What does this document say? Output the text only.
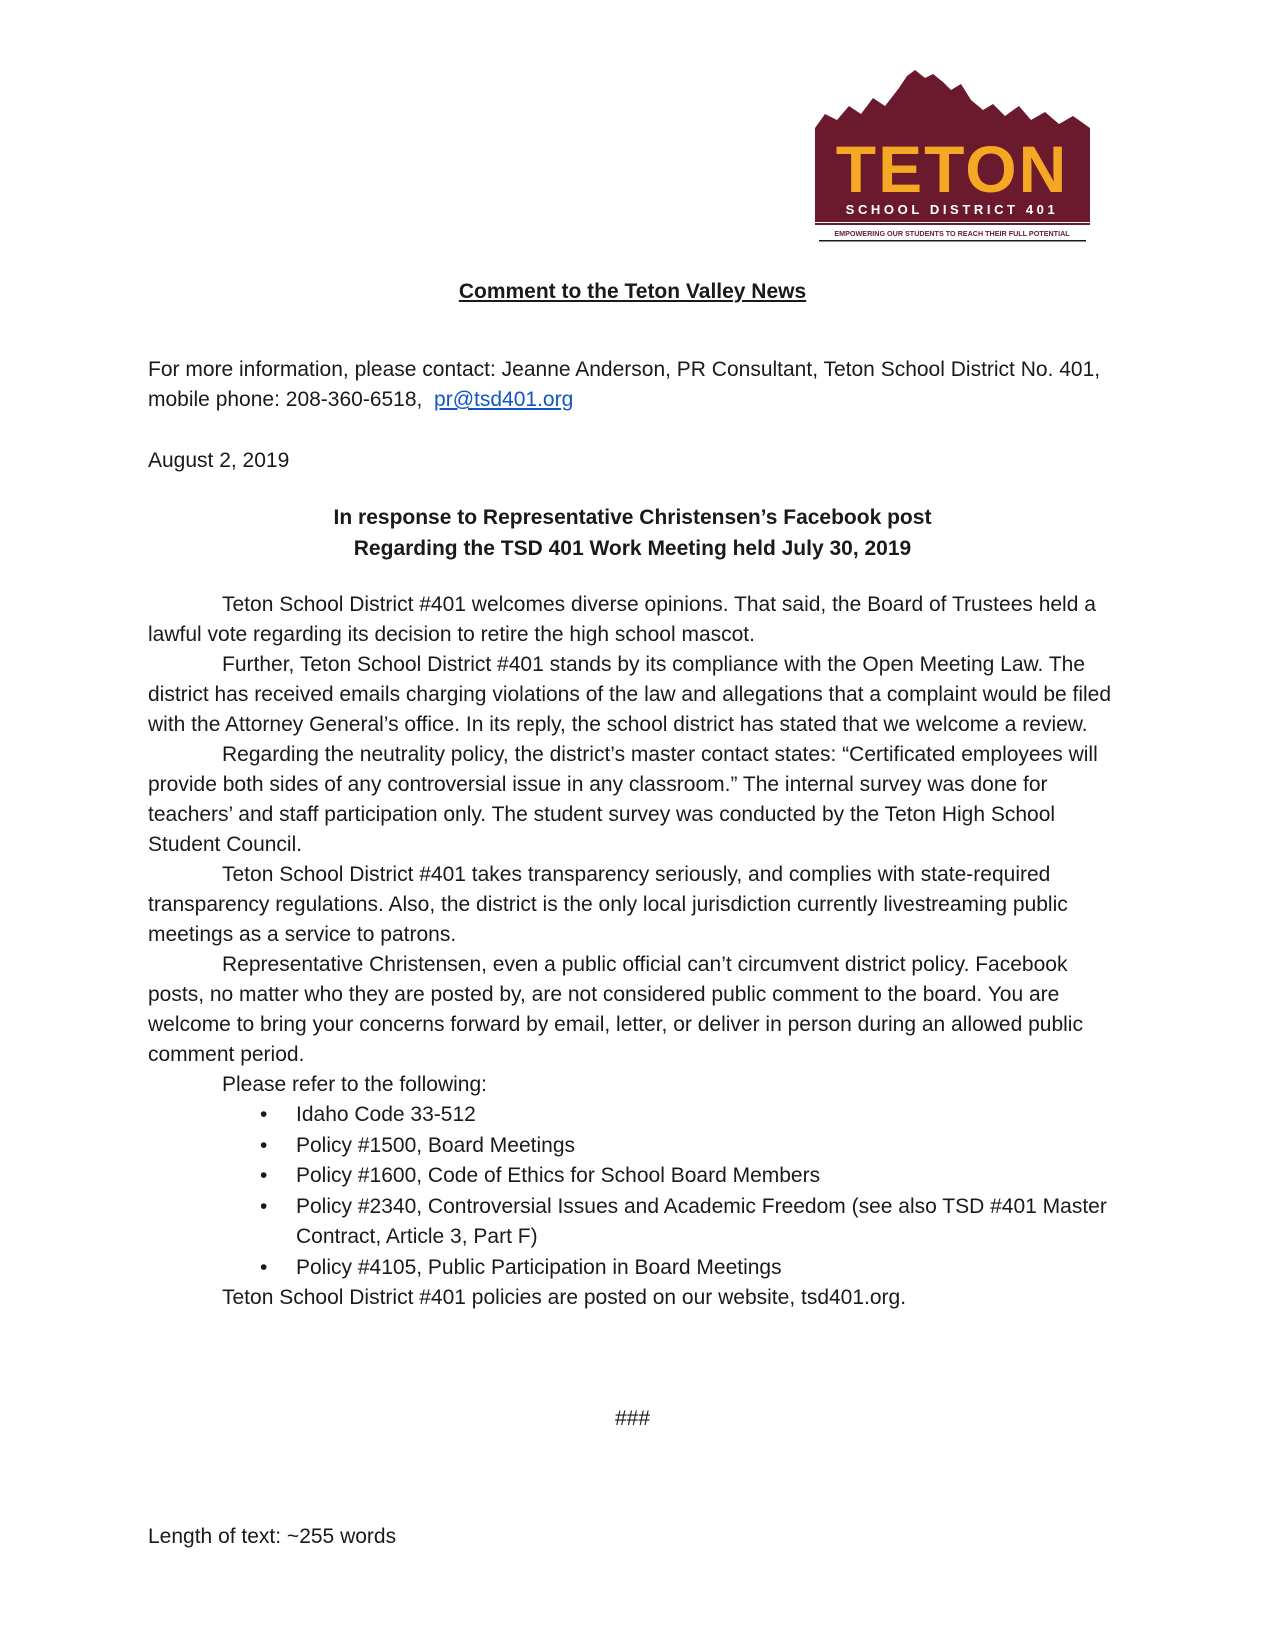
TETON
SCHOOL DISTRICT 401
EMPOWERING OUR STUDENTS TO REACH THEIR FULL POTENTIAL
Comment to the Teton Valley News
For more information, please contact: Jeanne Anderson, PR Consultant, Teton School District No. 401, mobile phone: 208-360-6518, pr@tsd401.org
August 2, 2019
In response to Representative Christensen’s Facebook post
Regarding the TSD 401 Work Meeting held July 30, 2019

Teton School District #401 welcomes diverse opinions. That said, the Board of Trustees held a lawful vote regarding its decision to retire the high school mascot.

Further, Teton School District #401 stands by its compliance with the Open Meeting Law. The district has received emails charging violations of the law and allegations that a complaint would be filed with the Attorney General’s office. In its reply, the school district has stated that we welcome a review.

Regarding the neutrality policy, the district’s master contact states: “Certificated employees will provide both sides of any controversial issue in any classroom.” The internal survey was done for teachers’ and staff participation only. The student survey was conducted by the Teton High School Student Council.

Teton School District #401 takes transparency seriously, and complies with state-required transparency regulations. Also, the district is the only local jurisdiction currently livestreaming public meetings as a service to patrons.

Representative Christensen, even a public official can’t circumvent district policy. Facebook posts, no matter who they are posted by, are not considered public comment to the board. You are welcome to bring your concerns forward by email, letter, or deliver in person during an allowed public comment period.

Please refer to the following:

• Idaho Code 33-512
• Policy #1500, Board Meetings
• Policy #1600, Code of Ethics for School Board Members
• Policy #2340, Controversial Issues and Academic Freedom (see also TSD #401 Master Contract, Article 3, Part F)
• Policy #4105, Public Participation in Board Meetings

Teton School District #401 policies are posted on our website, tsd401.org.

###
Length of text: ~255 words
